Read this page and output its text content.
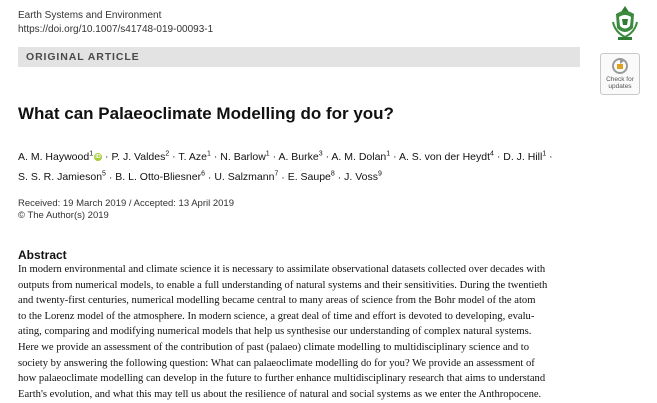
Earth Systems and Environment
https://doi.org/10.1007/s41748-019-00093-1
ORIGINAL ARTICLE
Check for
updates
What can Palaeoclimate Modelling do for you?
A. M. Haywood$^1$ iD · P. J. Valdes$^2$ · T. Aze$^1$ · N. Barlow$^1$ · A. Burke$^3$ · A. M. Dolan$^1$ · A. S. von der Heydt$^4$ · D. J. Hill$^1$ ·
S. S. R. Jamieson$^5$ · B. L. Otto-Bliesner$^6$ · U. Salzmann$^7$ · E. Saupe$^8$ · J. Voss$^9$
Received: 19 March 2019 / Accepted: 13 April 2019
© The Author(s) 2019
Abstract

In modern environmental and climate science it is necessary to assimilate observational datasets collected over decades with
outputs from numerical models, to enable a full understanding of natural systems and their sensitivities. During the twentieth
and twenty-first centuries, numerical modelling became central to many areas of science from the Bohr model of the atom
to the Lorenz model of the atmosphere. In modern science, a great deal of time and effort is devoted to developing, evalu-
ating, comparing and modifying numerical models that help us synthesise our understanding of complex natural systems.
Here we provide an assessment of the contribution of past (palaeo) climate modelling to multidisciplinary science and to
society by answering the following question: What can palaeoclimate modelling do for you? We provide an assessment of
how palaeoclimate modelling can develop in the future to further enhance multidisciplinary research that aims to understand
Earth's evolution, and what this may tell us about the resilience of natural and social systems as we enter the Anthropocene.
